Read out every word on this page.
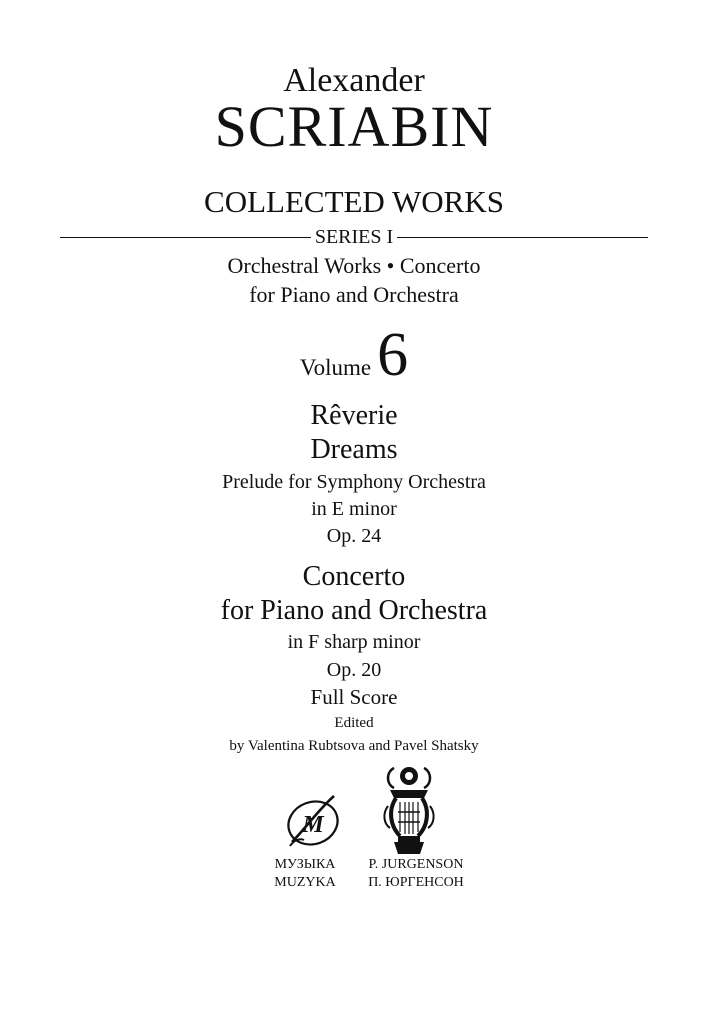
Alexander
SCRIABIN
COLLECTED WORKS
SERIES I
Orchestral Works • Concerto
for Piano and Orchestra
Volume 6
Rêverie
Dreams
Prelude for Symphony Orchestra
in E minor
Op. 24
Concerto
for Piano and Orchestra
in F sharp minor
Op. 20
Full Score
Edited
by Valentina Rubtsova and Pavel Shatsky
М
МУЗЫКА
MUZYKA
P. JURGENSON
П. ЮРГЕНСОН
